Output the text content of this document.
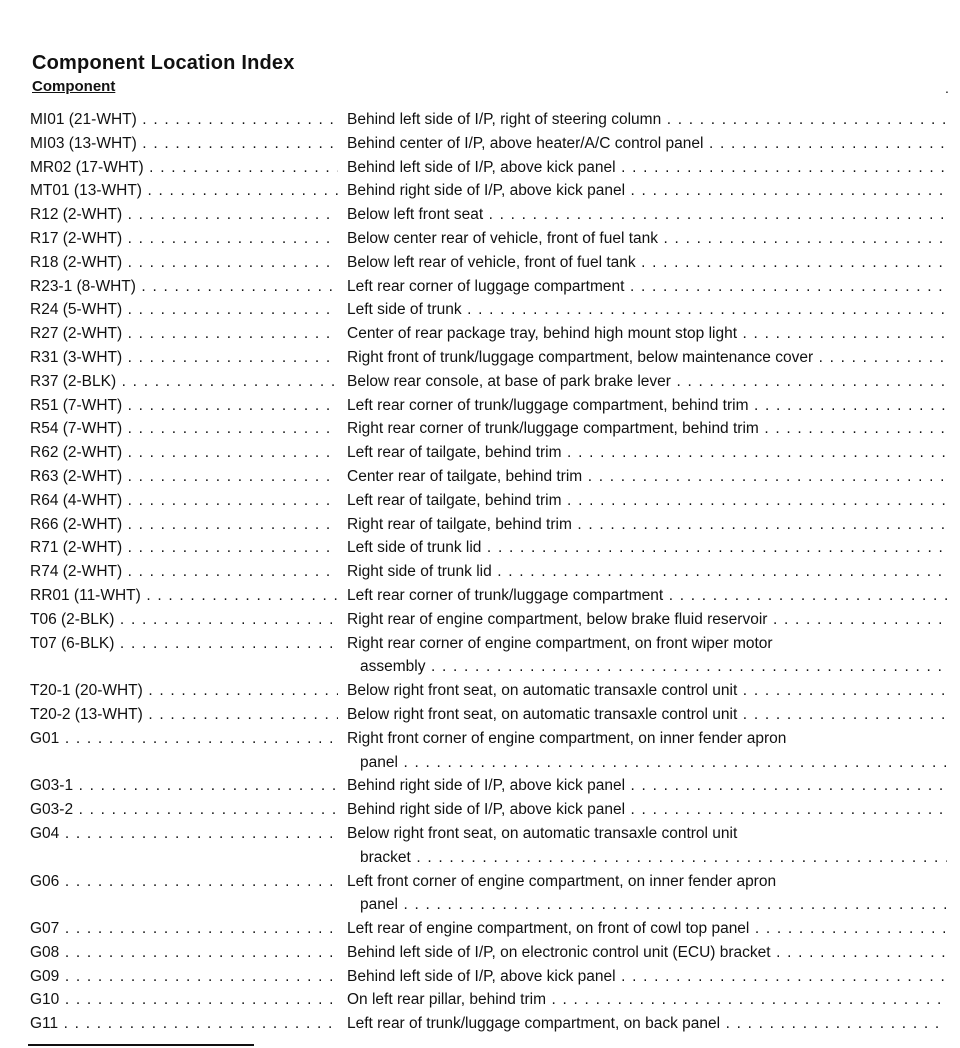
Component Location Index
Component	.
MI01 (21-WHT) . . .	Behind left side of I/P, right of steering column . . .
MI03 (13-WHT) . . .	Behind center of I/P, above heater/A/C control panel . . .
MR02 (17-WHT) . . .	Behind left side of I/P, above kick panel . . .
MT01 (13-WHT) . . .	Behind right side of I/P, above kick panel . . .
R12 (2-WHT) . . .	Below left front seat . . .
R17 (2-WHT) . . .	Below center rear of vehicle, front of fuel tank . . .
R18 (2-WHT) . . .	Below left rear of vehicle, front of fuel tank . . .
R23-1 (8-WHT) . . .	Left rear corner of luggage compartment . . .
R24 (5-WHT) . . .	Left side of trunk . . .
R27 (2-WHT) . . .	Center of rear package tray, behind high mount stop light . . .
R31 (3-WHT) . . .	Right front of trunk/luggage compartment, below maintenance cover . . .
R37 (2-BLK) . . .	Below rear console, at base of park brake lever . . .
R51 (7-WHT) . . .	Left rear corner of trunk/luggage compartment, behind trim . . .
R54 (7-WHT) . . .	Right rear corner of trunk/luggage compartment, behind trim . . .
R62 (2-WHT) . . .	Left rear of tailgate, behind trim . . .
R63 (2-WHT) . . .	Center rear of tailgate, behind trim . . .
R64 (4-WHT) . . .	Left rear of tailgate, behind trim . . .
R66 (2-WHT) . . .	Right rear of tailgate, behind trim . . .
R71 (2-WHT) . . .	Left side of trunk lid . . .
R74 (2-WHT) . . .	Right side of trunk lid . . .
RR01 (11-WHT) . . .	Left rear corner of trunk/luggage compartment . . .
T06 (2-BLK) . . .	Right rear of engine compartment, below brake fluid reservoir . . .
T07 (6-BLK) . . .	Right rear corner of engine compartment, on front wiper motor
assembly . . .
T20-1 (20-WHT) . . .	Below right front seat, on automatic transaxle control unit . . .
T20-2 (13-WHT) . . .	Below right front seat, on automatic transaxle control unit . . .
G01 . . .	Right front corner of engine compartment, on inner fender apron
panel . . .
G03-1 . . .	Behind right side of I/P, above kick panel . . .
G03-2 . . .	Behind right side of I/P, above kick panel . . .
G04 . . .	Below right front seat, on automatic transaxle control unit
bracket . . .
G06 . . .	Left front corner of engine compartment, on inner fender apron
panel . . .
G07 . . .	Left rear of engine compartment, on front of cowl top panel . . .
G08 . . .	Behind left side of I/P, on electronic control unit (ECU) bracket . . .
G09 . . .	Behind left side of I/P, above kick panel . . .
G10 . . .	On left rear pillar, behind trim . . .
G11 . . .	Left rear of trunk/luggage compartment, on back panel . . .
